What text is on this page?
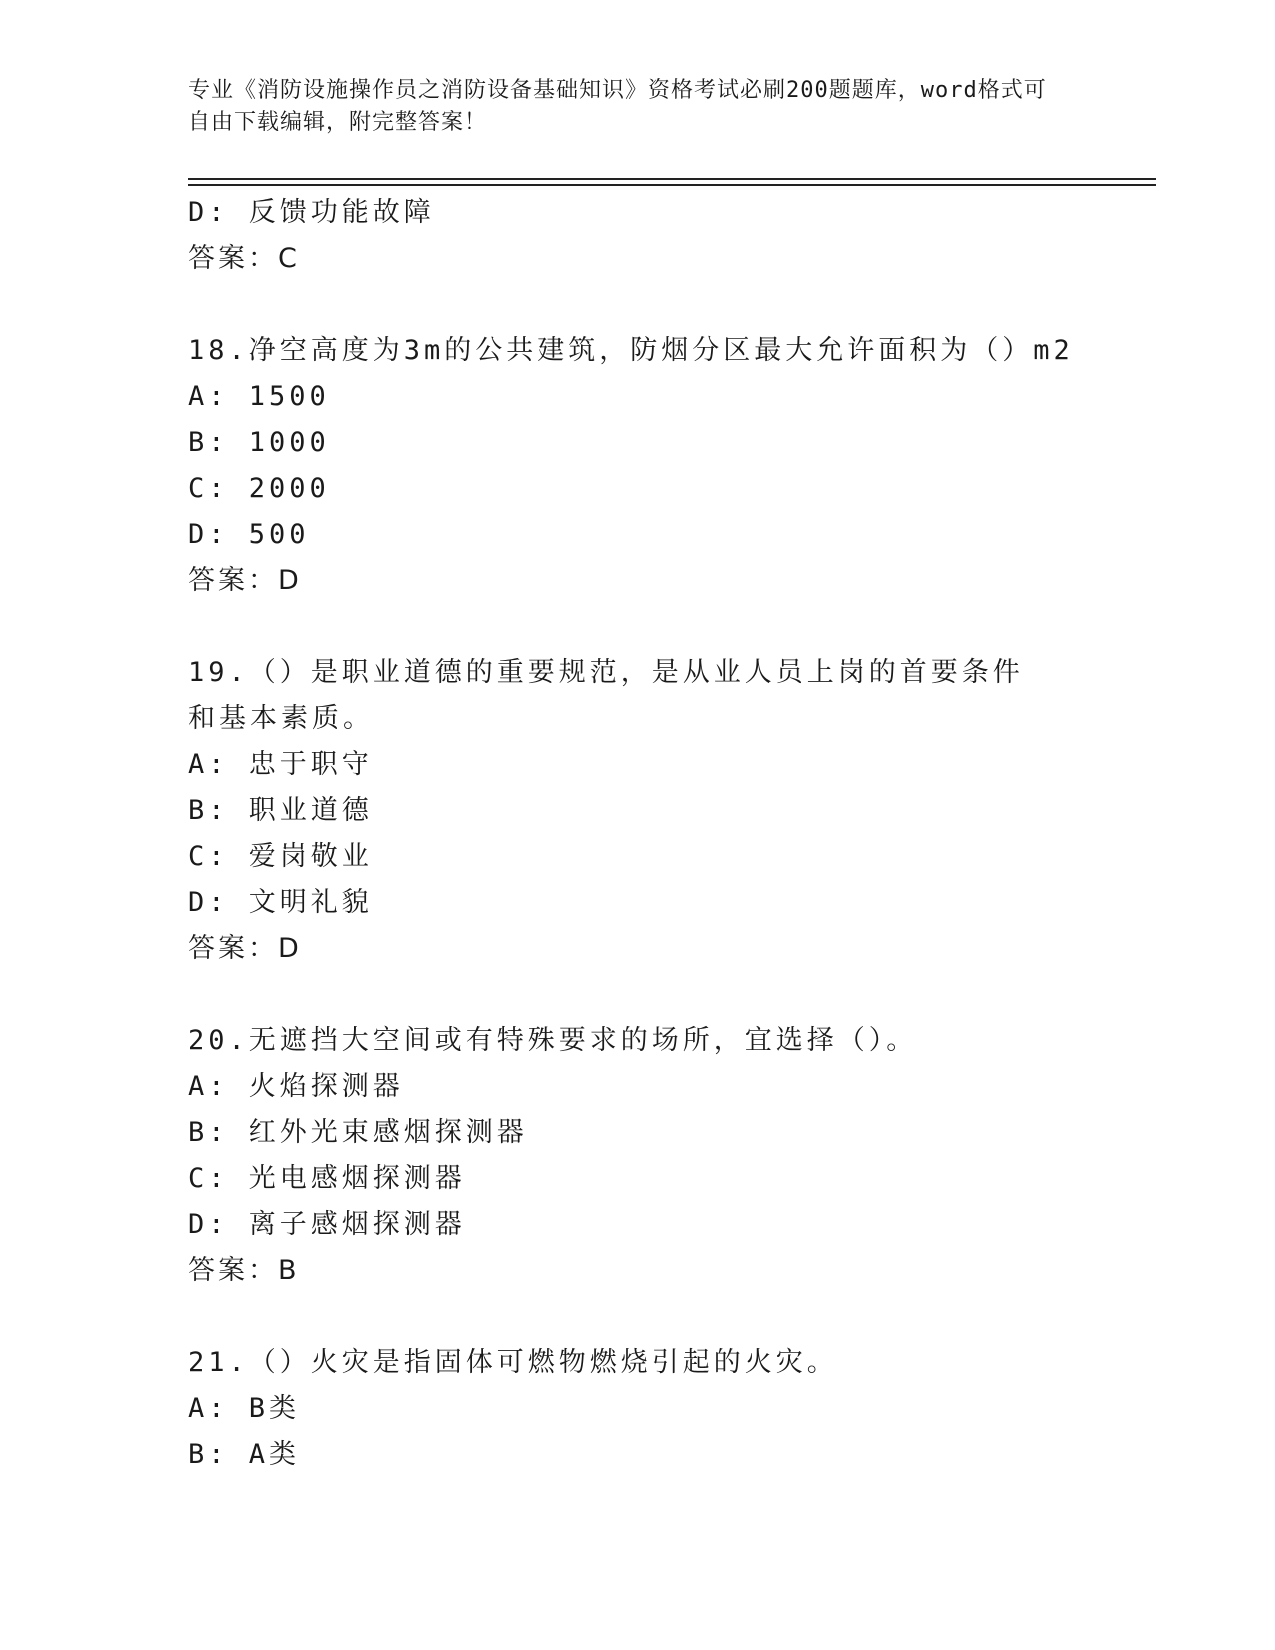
专业《消防设施操作员之消防设备基础知识》资格考试必刷200题题库，word格式可自由下载编辑，附完整答案！
D: 反馈功能故障
答案：C
18.净空高度为3m的公共建筑，防烟分区最大允许面积为（）m2
A: 1500
B: 1000
C: 2000
D: 500
答案：D
19.（）是职业道德的重要规范，是从业人员上岗的首要条件和基本素质。
A: 忠于职守
B: 职业道德
C: 爱岗敬业
D: 文明礼貌
答案：D
20.无遮挡大空间或有特殊要求的场所，宜选择（）。
A: 火焰探测器
B: 红外光束感烟探测器
C: 光电感烟探测器
D: 离子感烟探测器
答案：B
21.（）火灾是指固体可燃物燃烧引起的火灾。
A: B类
B: A类
